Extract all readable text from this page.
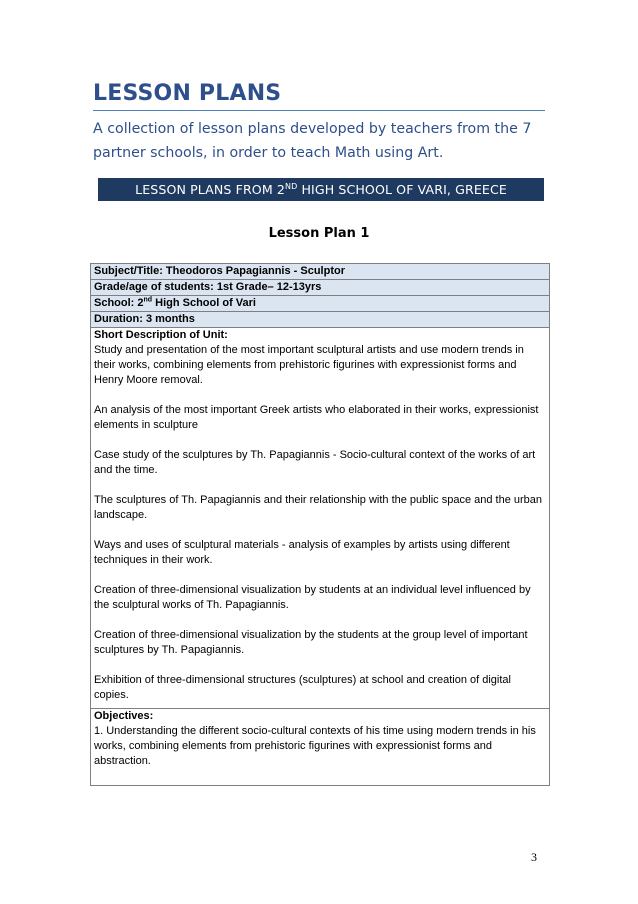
LESSON PLANS
A collection of lesson plans developed by teachers from the 7 partner schools, in order to teach Math using Art.
LESSON PLANS FROM 2ND HIGH SCHOOL OF VARI, GREECE
Lesson Plan 1
Subject/Title: Theodoros Papagiannis - Sculptor
Grade/age of students: 1st Grade– 12-13yrs
School: 2nd High School of Vari
Duration: 3 months

Short Description of Unit:
Study and presentation of the most important sculptural artists and use modern trends in their works, combining elements from prehistoric figurines with expressionist forms and Henry Moore removal.
An analysis of the most important Greek artists who elaborated in their works, expressionist elements in sculpture
Case study of the sculptures by Th. Papagiannis - Socio-cultural context of the works of art and the time.
The sculptures of Th. Papagiannis and their relationship with the public space and the urban landscape.
Ways and uses of sculptural materials - analysis of examples by artists using different techniques in their work.
Creation of three-dimensional visualization by students at an individual level influenced by the sculptural works of Th. Papagiannis.
Creation of three-dimensional visualization by the students at the group level of important sculptures by Th. Papagiannis.
Exhibition of three-dimensional structures (sculptures) at school and creation of digital copies.

Objectives:
1. Understanding the different socio-cultural contexts of his time using modern trends in his works, combining elements from prehistoric figurines with expressionist forms and abstraction.
3
